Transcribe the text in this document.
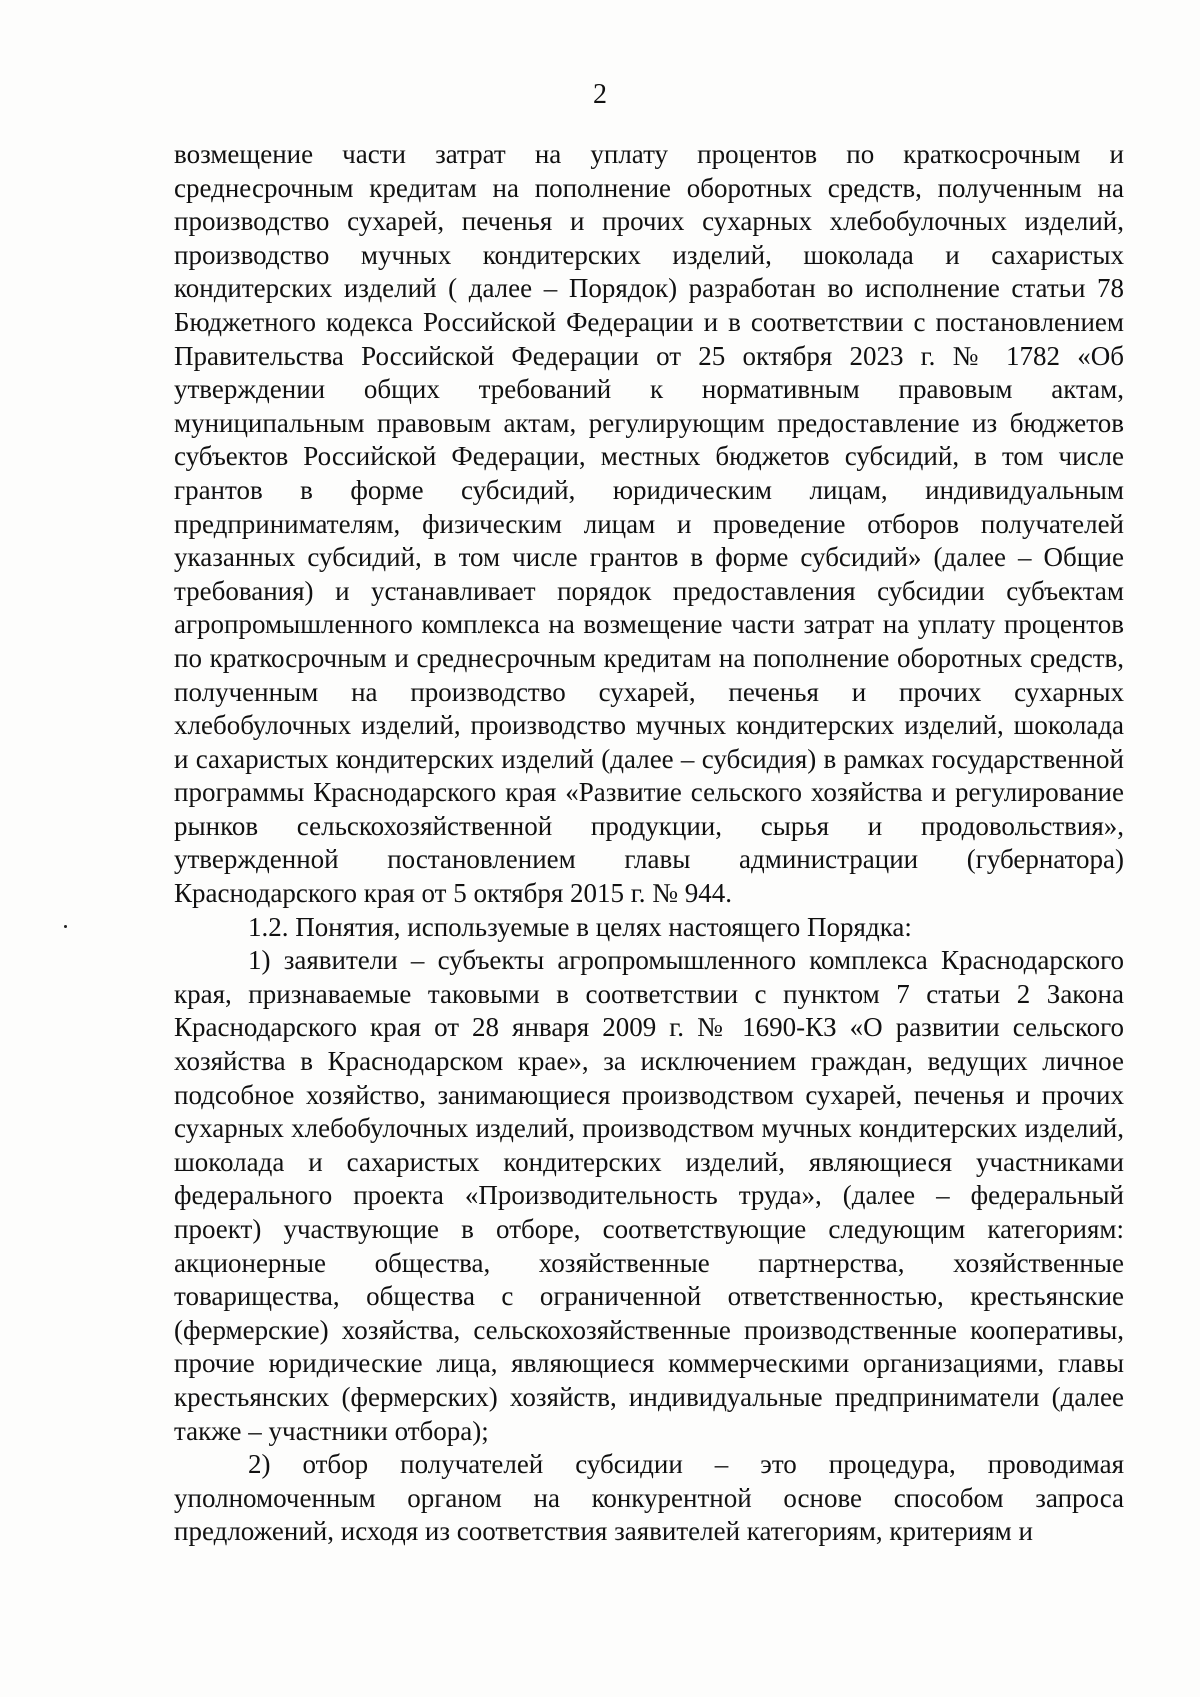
2

возмещение части затрат на уплату процентов по краткосрочным и среднесрочным кредитам на пополнение оборотных средств, полученным на производство сухарей, печенья и прочих сухарных хлебобулочных изделий, производство мучных кондитерских изделий, шоколада и сахаристых кондитерских изделий ( далее – Порядок) разработан во исполнение статьи 78 Бюджетного кодекса Российской Федерации и в соответствии с постановлением Правительства Российской Федерации от 25 октября 2023 г. № 1782 «Об утверждении общих требований к нормативным правовым актам, муниципальным правовым актам, регулирующим предоставление из бюджетов субъектов Российской Федерации, местных бюджетов субсидий, в том числе грантов в форме субсидий, юридическим лицам, индивидуальным предпринимателям, физическим лицам и проведение отборов получателей указанных субсидий, в том числе грантов в форме субсидий» (далее – Общие требования) и устанавливает порядок предоставления субсидии субъектам агропромышленного комплекса на возмещение части затрат на уплату процентов по краткосрочным и среднесрочным кредитам на пополнение оборотных средств, полученным на производство сухарей, печенья и прочих сухарных хлебобулочных изделий, производство мучных кондитерских изделий, шоколада и сахаристых кондитерских изделий (далее – субсидия) в рамках государственной программы Краснодарского края «Развитие сельского хозяйства и регулирование рынков сельскохозяйственной продукции, сырья и продовольствия», утвержденной постановлением главы администрации (губернатора) Краснодарского края от 5 октября 2015 г. № 944.

1.2. Понятия, используемые в целях настоящего Порядка:

1) заявители – субъекты агропромышленного комплекса Краснодарского края, признаваемые таковыми в соответствии с пунктом 7 статьи 2 Закона Краснодарского края от 28 января 2009 г. № 1690-КЗ «О развитии сельского хозяйства в Краснодарском крае», за исключением граждан, ведущих личное подсобное хозяйство, занимающиеся производством сухарей, печенья и прочих сухарных хлебобулочных изделий, производством мучных кондитерских изделий, шоколада и сахаристых кондитерских изделий, являющиеся участниками федерального проекта «Производительность труда», (далее – федеральный проект) участвующие в отборе, соответствующие следующим категориям: акционерные общества, хозяйственные партнерства, хозяйственные товарищества, общества с ограниченной ответственностью, крестьянские (фермерские) хозяйства, сельскохозяйственные производственные кооперативы, прочие юридические лица, являющиеся коммерческими организациями, главы крестьянских (фермерских) хозяйств, индивидуальные предприниматели (далее также – участники отбора);

2) отбор получателей субсидии – это процедура, проводимая уполномоченным органом на конкурентной основе способом запроса предложений, исходя из соответствия заявителей категориям, критериям и
